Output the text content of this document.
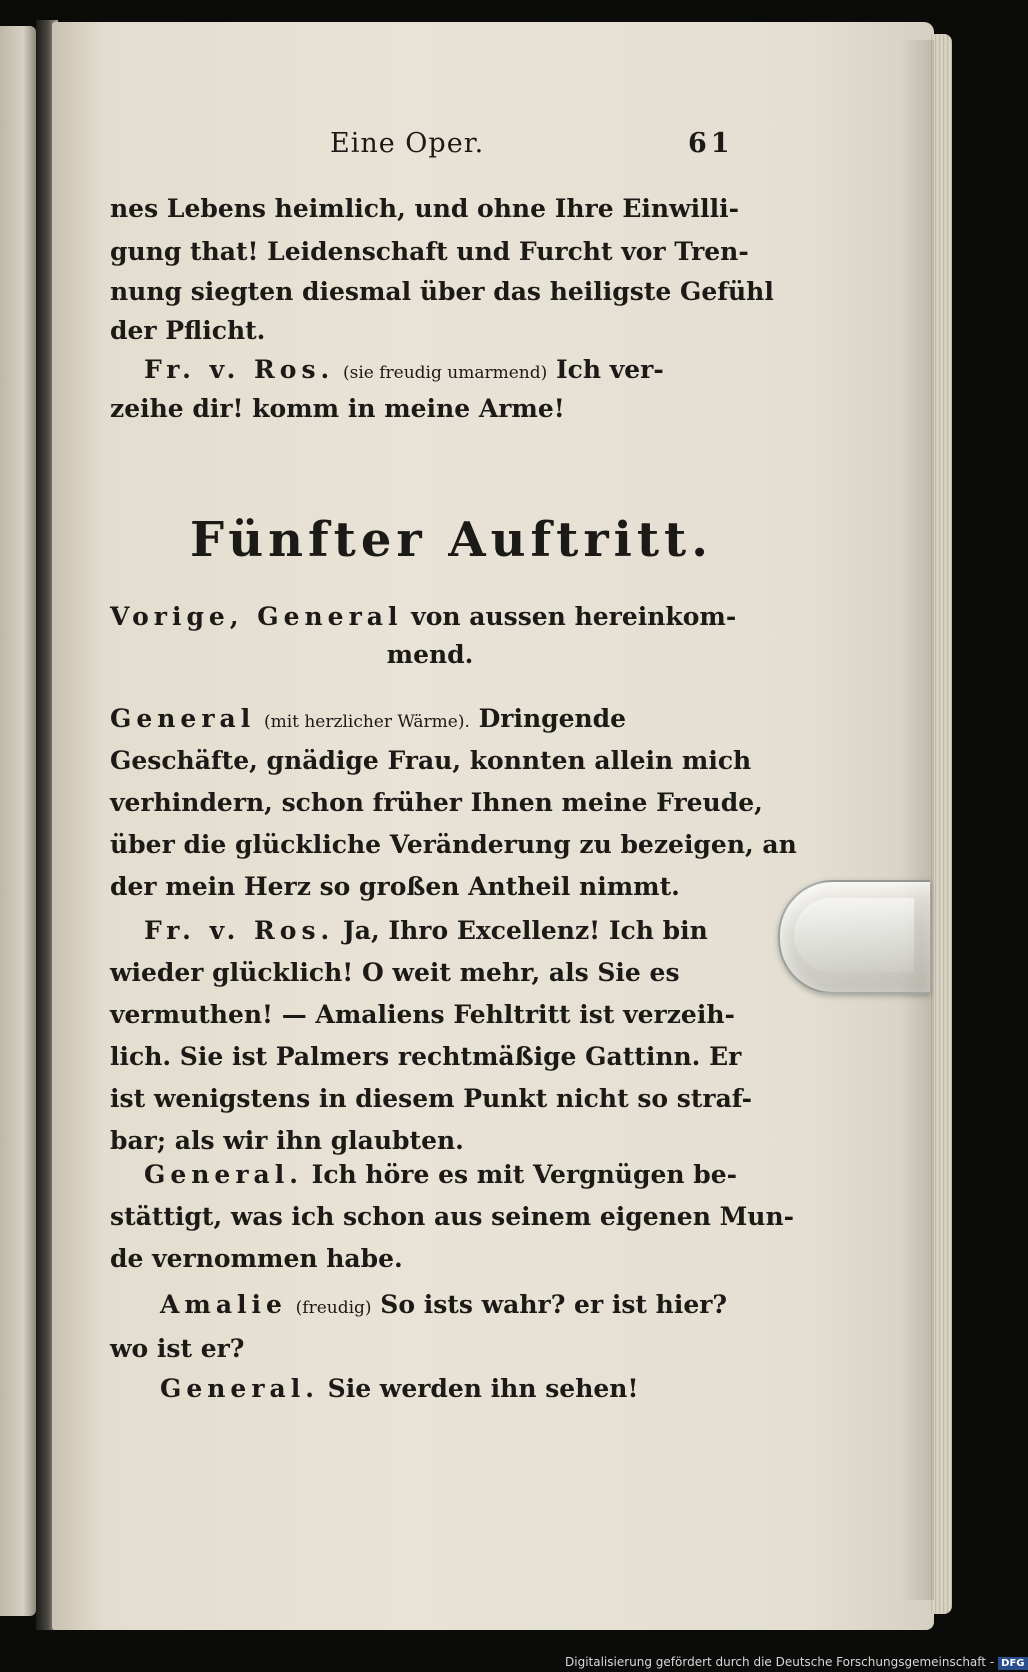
Eine Oper.	61
nes Lebens heimlich, und ohne Ihre Einwilli-
gung that! Leidenschaft und Furcht vor Tren-
nung siegten diesmal über das heiligste Gefühl
der Pflicht.
Fr. v. Ros. (sie freudig umarmend) Ich ver-
zeihe dir! komm in meine Arme!
Fünfter Auftritt.
Vorige, General von aussen hereinkom-
mend.
General (mit herzlicher Wärme). Dringende
Geschäfte, gnädige Frau, konnten allein mich
verhindern, schon früher Ihnen meine Freude,
über die glückliche Veränderung zu bezeigen, an
der mein Herz so großen Antheil nimmt.
Fr. v. Ros. Ja, Ihro Excellenz! Ich bin
wieder glücklich! O weit mehr, als Sie es
vermuthen! — Amaliens Fehltritt ist verzeih-
lich. Sie ist Palmers rechtmäßige Gattinn. Er
ist wenigstens in diesem Punkt nicht so straf-
bar; als wir ihn glaubten.
General. Ich höre es mit Vergnügen be-
stättigt, was ich schon aus seinem eigenen Mun-
de vernommen habe.
Amalie (freudig) So ists wahr? er ist hier?
wo ist er?
General. Sie werden ihn sehen!
Digitalisierung gefördert durch die Deutsche Forschungsgemeinschaft - DFG
